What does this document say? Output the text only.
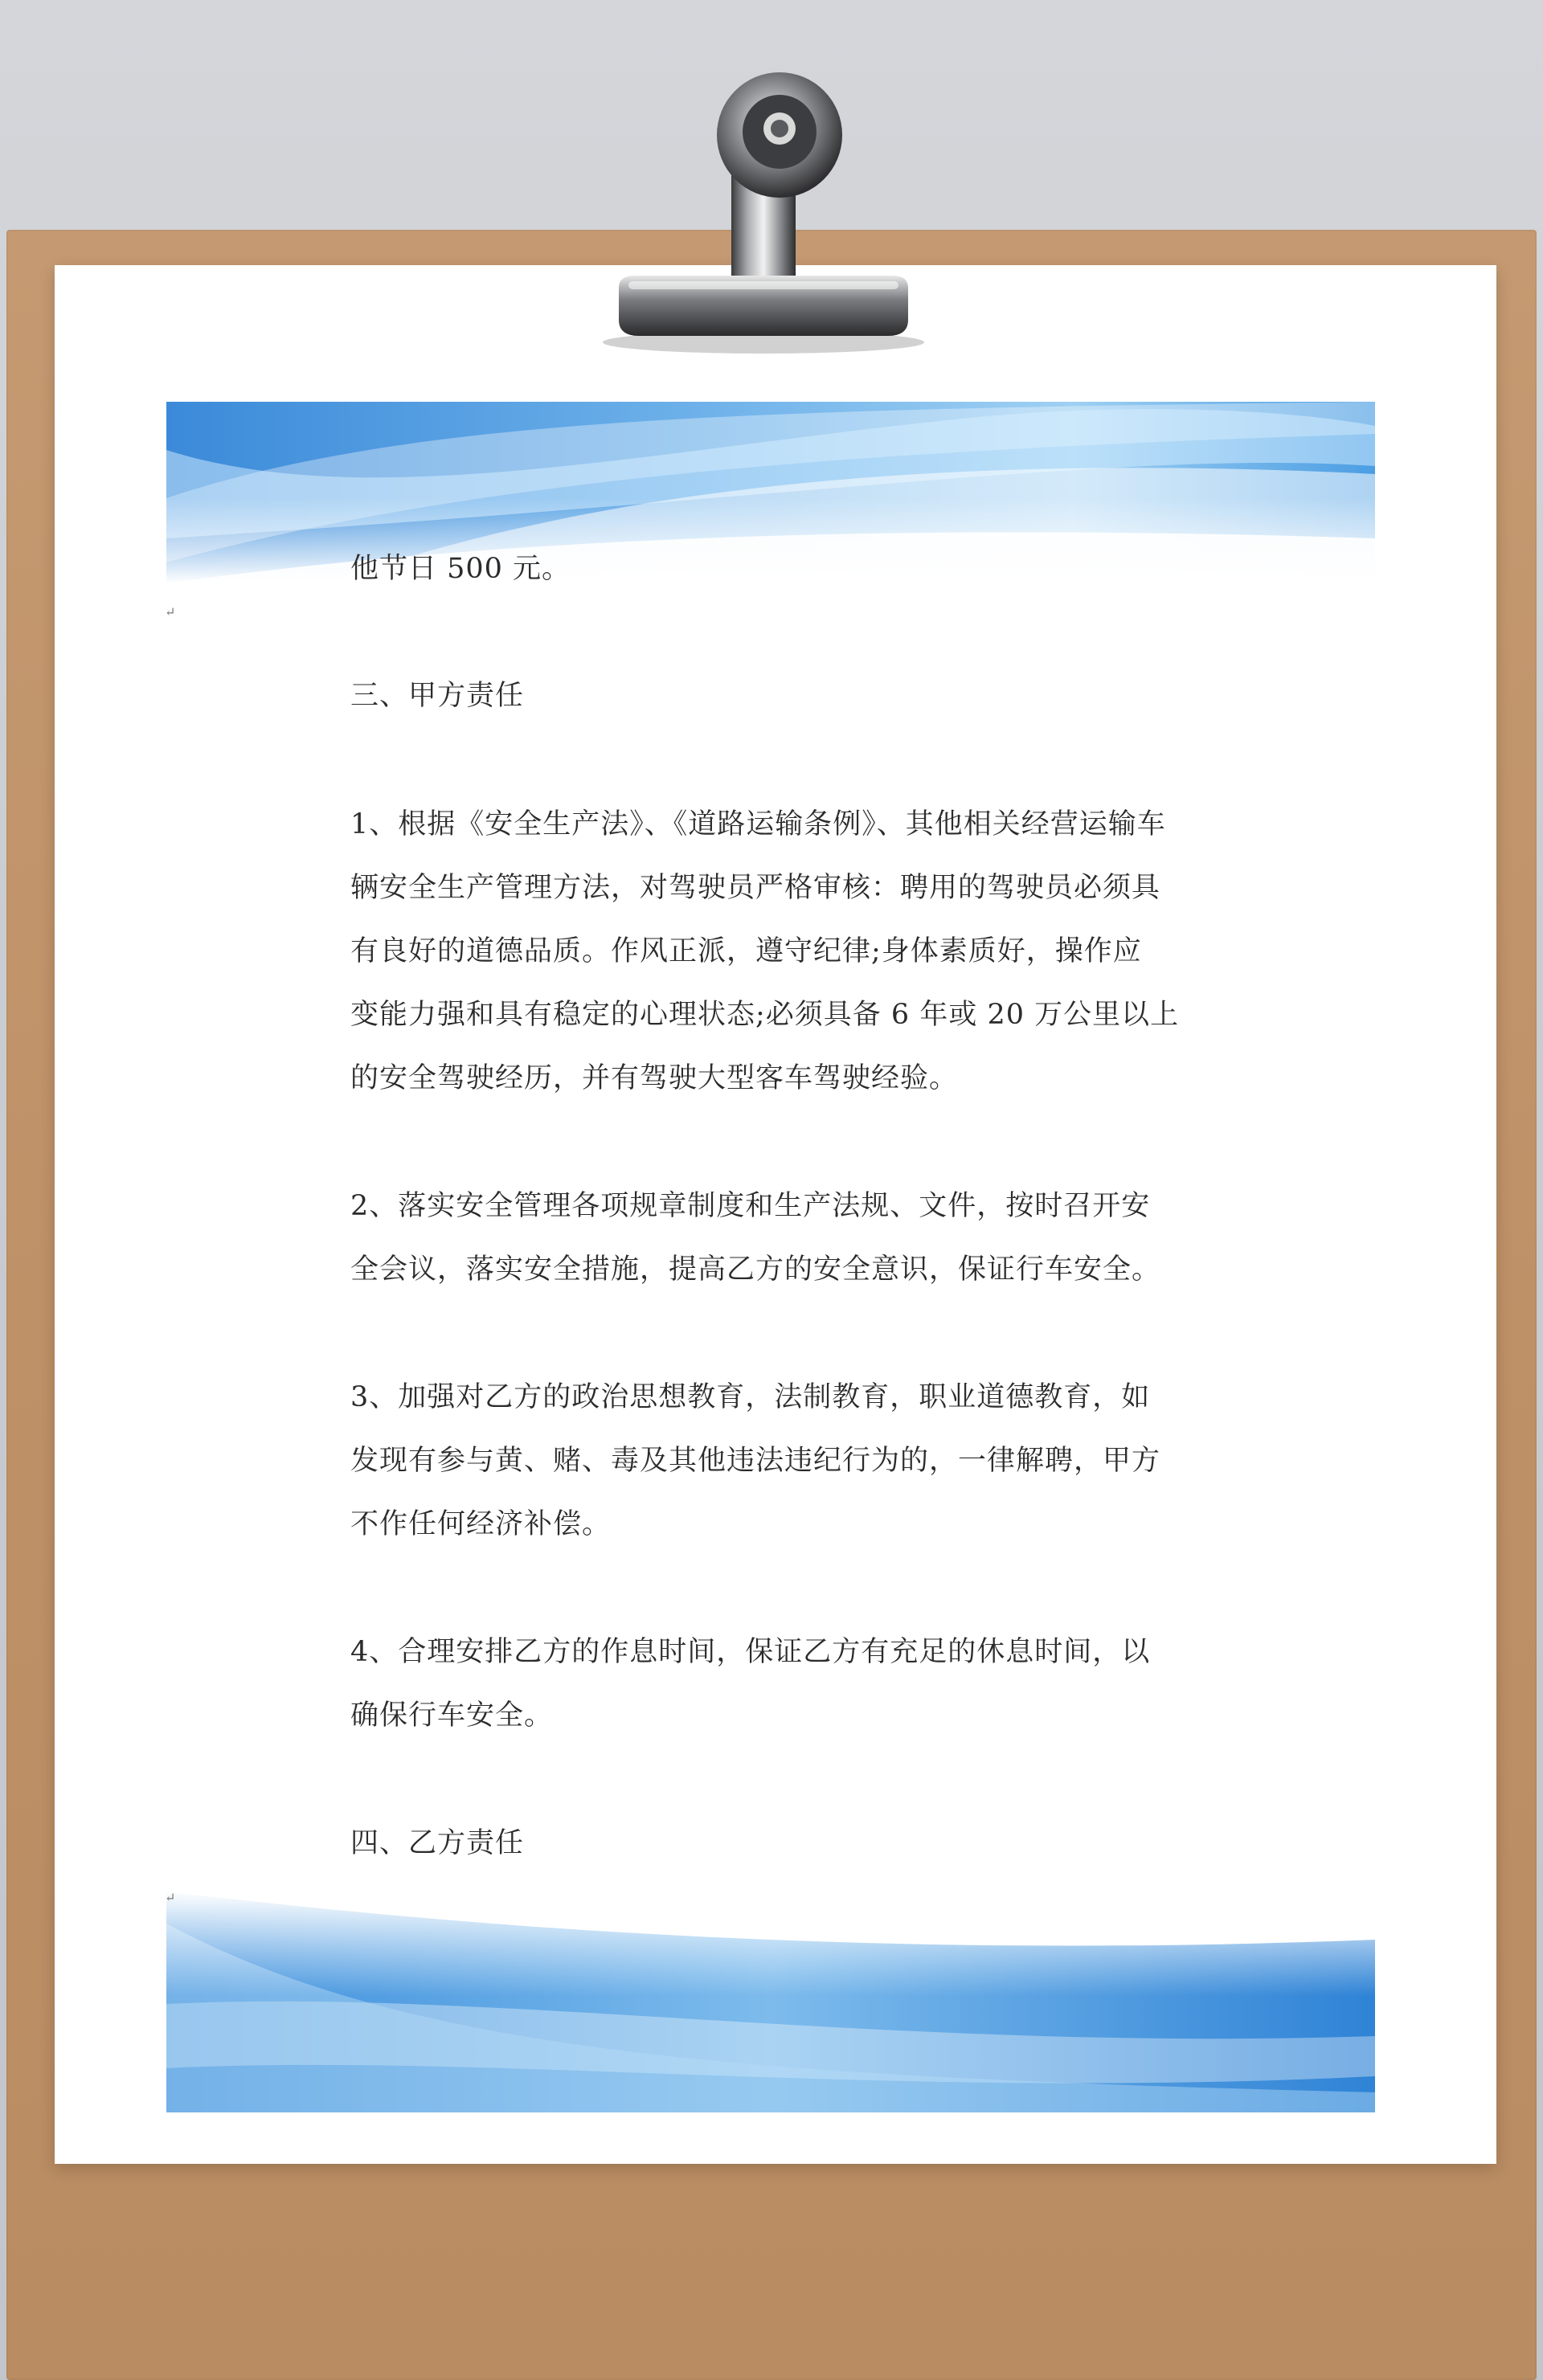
↵
↵
他节日 500 元。
三、甲方责任
1、根据《安全生产法》、《道路运输条例》、其他相关经营运输车
辆安全生产管理方法，对驾驶员严格审核：聘用的驾驶员必须具
有良好的道德品质。作风正派，遵守纪律;身体素质好，操作应
变能力强和具有稳定的心理状态;必须具备 6 年或 20 万公里以上
的安全驾驶经历，并有驾驶大型客车驾驶经验。
2、落实安全管理各项规章制度和生产法规、文件，按时召开安
全会议，落实安全措施，提高乙方的安全意识，保证行车安全。
3、加强对乙方的政治思想教育，法制教育，职业道德教育，如
发现有参与黄、赌、毒及其他违法违纪行为的，一律解聘，甲方
不作任何经济补偿。
4、合理安排乙方的作息时间，保证乙方有充足的休息时间，以
确保行车安全。
四、乙方责任
